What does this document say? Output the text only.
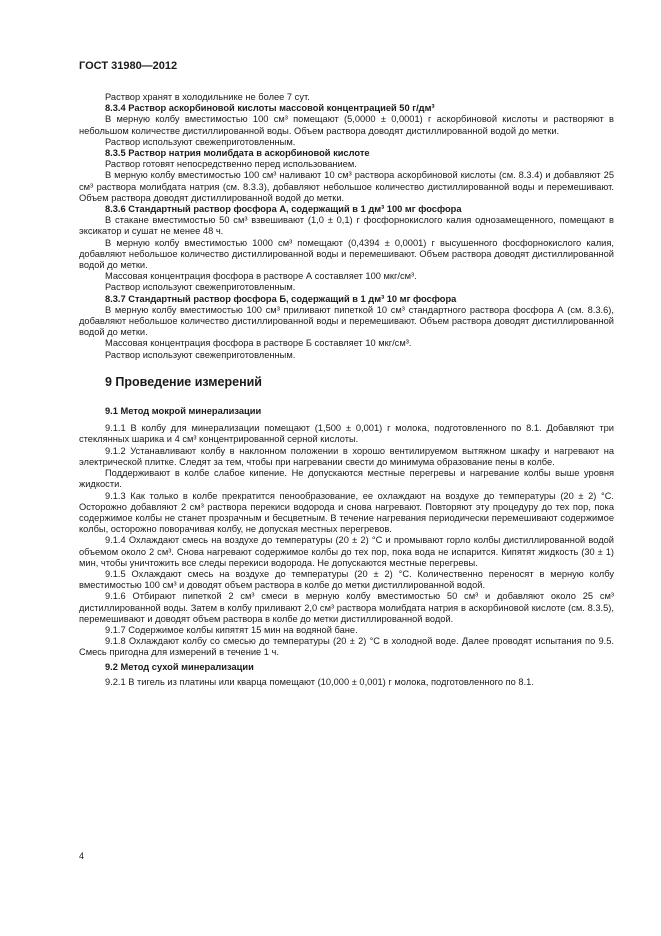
ГОСТ 31980—2012
Раствор хранят в холодильнике не более 7 сут.
8.3.4 Раствор аскорбиновой кислоты массовой концентрацией 50 г/дм³
В мерную колбу вместимостью 100 см³ помещают (5,0000 ± 0,0001) г аскорбиновой кислоты и растворяют в небольшом количестве дистиллированной воды. Объем раствора доводят дистиллированной водой до метки.
Раствор используют свежеприготовленным.
8.3.5 Раствор натрия молибдата в аскорбиновой кислоте
Раствор готовят непосредственно перед использованием.
В мерную колбу вместимостью 100 см³ наливают 10 см³ раствора аскорбиновой кислоты (см. 8.3.4) и добавляют 25 см³ раствора молибдата натрия (см. 8.3.3), добавляют небольшое количество дистиллированной воды и перемешивают. Объем раствора доводят дистиллированной водой до метки.
8.3.6 Стандартный раствор фосфора А, содержащий в 1 дм³ 100 мг фосфора
В стакане вместимостью 50 см³ взвешивают (1,0 ± 0,1) г фосфорнокислого калия однозамещенного, помещают в эксикатор и сушат не менее 48 ч.
В мерную колбу вместимостью 1000 см³ помещают (0,4394 ± 0,0001) г высушенного фосфорнокислого калия, добавляют небольшое количество дистиллированной воды и перемешивают. Объем раствора доводят дистиллированной водой до метки.
Массовая концентрация фосфора в растворе А составляет 100 мкг/см³.
Раствор используют свежеприготовленным.
8.3.7 Стандартный раствор фосфора Б, содержащий в 1 дм³ 10 мг фосфора
В мерную колбу вместимостью 100 см³ приливают пипеткой 10 см³ стандартного раствора фосфора А (см. 8.3.6), добавляют небольшое количество дистиллированной воды и перемешивают. Объем раствора доводят дистиллированной водой до метки.
Массовая концентрация фосфора в растворе Б составляет 10 мкг/см³.
Раствор используют свежеприготовленным.
9 Проведение измерений
9.1 Метод мокрой минерализации
9.1.1 В колбу для минерализации помещают (1,500 ± 0,001) г молока, подготовленного по 8.1. Добавляют три стеклянных шарика и 4 см³ концентрированной серной кислоты.
9.1.2 Устанавливают колбу в наклонном положении в хорошо вентилируемом вытяжном шкафу и нагревают на электрической плитке. Следят за тем, чтобы при нагревании свести до минимума образование пены в колбе.
Поддерживают в колбе слабое кипение. Не допускаются местные перегревы и нагревание колбы выше уровня жидкости.
9.1.3 Как только в колбе прекратится пенообразование, ее охлаждают на воздухе до температуры (20 ± 2) °С. Осторожно добавляют 2 см³ раствора перекиси водорода и снова нагревают. Повторяют эту процедуру до тех пор, пока содержимое колбы не станет прозрачным и бесцветным. В течение нагревания периодически перемешивают содержимое колбы, осторожно поворачивая колбу, не допуская местных перегревов.
9.1.4 Охлаждают смесь на воздухе до температуры (20 ± 2) °С и промывают горло колбы дистиллированной водой объемом около 2 см³. Снова нагревают содержимое колбы до тех пор, пока вода не испарится. Кипятят жидкость (30 ± 1) мин, чтобы уничтожить все следы перекиси водорода. Не допускаются местные перегревы.
9.1.5 Охлаждают смесь на воздухе до температуры (20 ± 2) °С. Количественно переносят в мерную колбу вместимостью 100 см³ и доводят объем раствора в колбе до метки дистиллированной водой.
9.1.6 Отбирают пипеткой 2 см³ смеси в мерную колбу вместимостью 50 см³ и добавляют около 25 см³ дистиллированной воды. Затем в колбу приливают 2,0 см³ раствора молибдата натрия в аскорбиновой кислоте (см. 8.3.5), перемешивают и доводят объем раствора в колбе до метки дистиллированной водой.
9.1.7 Содержимое колбы кипятят 15 мин на водяной бане.
9.1.8 Охлаждают колбу со смесью до температуры (20 ± 2) °С в холодной воде. Далее проводят испытания по 9.5. Смесь пригодна для измерений в течение 1 ч.
9.2 Метод сухой минерализации
9.2.1 В тигель из платины или кварца помещают (10,000 ± 0,001) г молока, подготовленного по 8.1.
4
